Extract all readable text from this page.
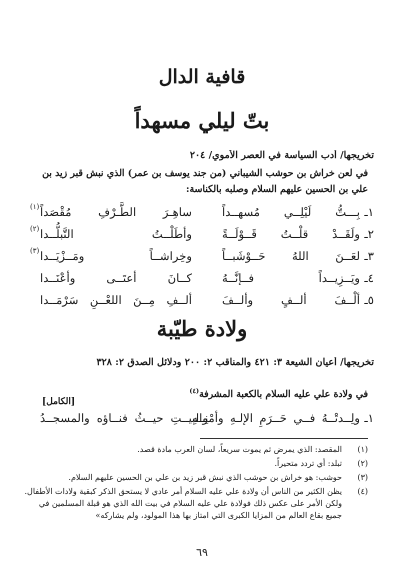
قافية الدال
بتّ ليلي مسهداً
تخريجها/ أدب السياسة في العصر الأموي/ ٢٠٤
في لعن خراش بن حوشب الشيباني (من جند يوسف بن عمر) الذي نبش قبر زيد بن
علي بن الحسين عليهم السلام وصلبه بالكناسة:
١ـ
بِـــتُّ لَيْلِــي مُسهــداً
ساهِـرَ الطَّـرْفِ مُقْصَداً
(١)
٢ـ
ولَقَــدْ قلْــتُ قَــوْلَــةً
وأطَلْــتُ التَّبلُّــدا
(٢)
٣ـ
لعَــنَ اللهُ حَــوْشَبــاً
وخِراشــاً ومَــزْيَــدا
(٣)
٤ـ
ويَــزِيــداً فــإنَّــهُ
كــانَ أعتَــى وأعْنَــدا
٥ـ
ألْــفَ ألــفٍ وألــفَ
ألــفِ مِــنَ اللعْــنِ سَرْمَــدا
ولادة طيّبة
تخريجها/ أعيان الشيعة ٣: ٤٢١ والمناقب ٢: ٢٠٠ ودلائل الصدق ٢: ٣٢٨
في ولادة علي عليه السلام بالكعبة المشرفة$^{(٤)}$
[الكامل]
١ـ
ولِــدتْــهُ فــي حَــرَمِ الإلـهِ وأمْنِــهِ
والبيــتِ حيــثُ فنــاؤه والمسجــدُ
(١)
المقصد: الذي يمرض ثم يموت سريعاً، لسان العرب مادة قصد.
(٢)
تبلد: أي تردد متحيراً.
(٣)
حوشب: هو خراش بن حوشب الذي نبش قبر زيد بن علي بن الحسين عليهم السلام.
(٤)
يظن الكثير من الناس أن ولادة علي عليه السلام أمر عادي لا يستحق الذكر كبقية ولادات الأطفال. ولكن الأمر على عكس ذلك فولادة علي عليه السلام في بيت الله الذي هو قبلة المسلمين في جميع بقاع العالم من المزايا الكبرى التي امتاز بها هذا المولود، ولم يشاركه»
٦٩
